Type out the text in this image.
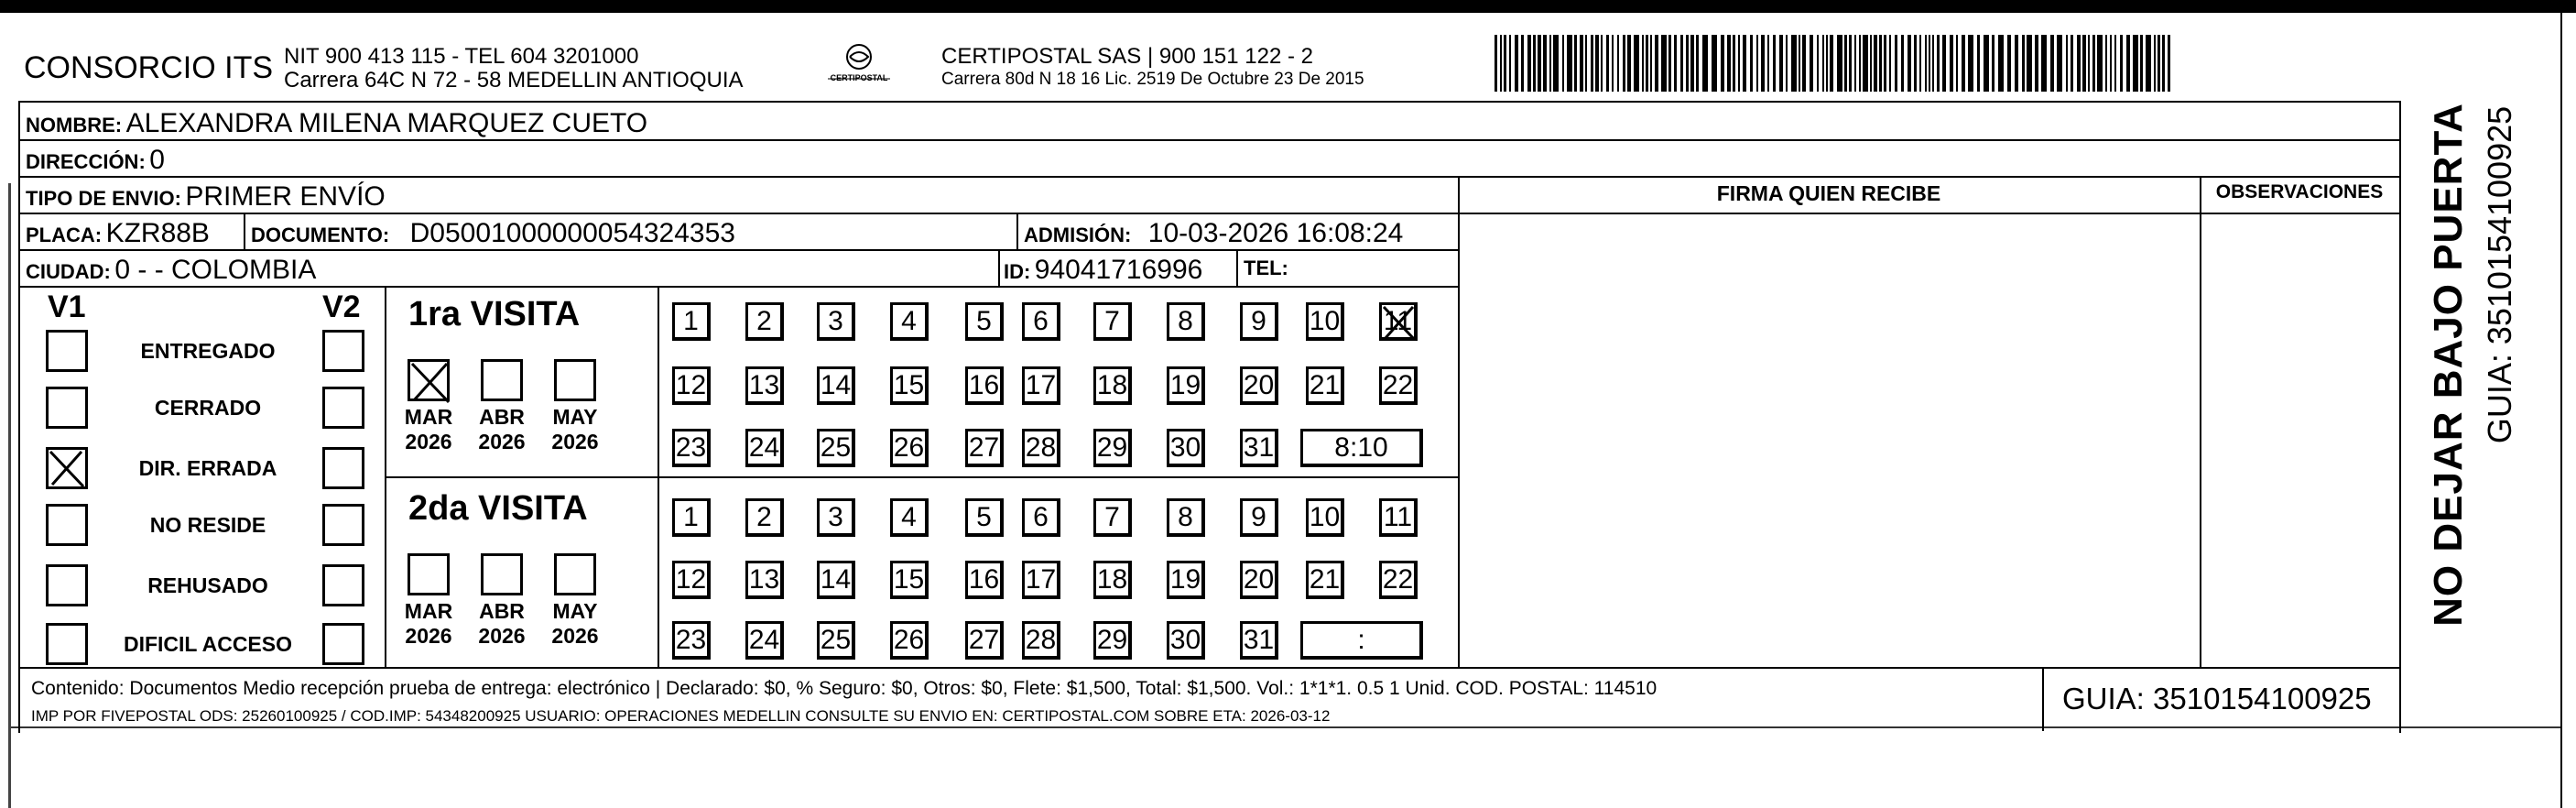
CONSORCIO ITS NIT 900 413 115 - TEL 604 3201000
Carrera 64C N 72 - 58 MEDELLIN ANTIOQUIA	CERTIPOSTAL
CERTIPOSTAL SAS | 900 151 122 - 2
Carrera 80d N 18 16 Lic. 2519 De Octubre 23 De 2015
NOMBRE: ALEXANDRA MILENA MARQUEZ CUETO
DIRECCIÓN: 0
TIPO DE ENVIO: PRIMER ENVÍO
PLACA: KZR88B DOCUMENTO: D05001000000054324353	ADMISIÓN: 10-03-2026 16:08:24
CIUDAD: 0 - - COLOMBIA	ID: 94041716996 TEL:
FIRMA QUIEN RECIBE	OBSERVACIONES
V1	V2
ENTREGADO
CERRADO
DIR. ERRADA
NO RESIDE
REHUSADO
DIFICIL ACCESO
1ra VISITA
2da VISITA
MAR
2026
ABR
2026
MAY
2026
MAR
2026
ABR
2026
MAY
2026
1	2	3	4	5	6	7	8	9	10 11
12 13 14 15 16 17 18 19 20 21 22
23 24 25 26 27 28 29 30 31	8:10
1	2	3	4	5	6	7	8	9	10 11
12 13 14 15 16 17 18 19 20 21 22
23 24 25 26 27 28 29 30 31	:
Contenido: Documentos Medio recepción prueba de entrega: electrónico | Declarado: $0, % Seguro: $0, Otros: $0, Flete: $1,500, Total: $1,500. Vol.: 1*1*1. 0.5 1 Unid. COD. POSTAL: 114510
IMP POR FIVEPOSTAL ODS: 25260100925 / COD.IMP: 54348200925 USUARIO: OPERACIONES MEDELLIN CONSULTE SU ENVIO EN: CERTIPOSTAL.COM SOBRE ETA: 2026-03-12
GUIA: 3510154100925
NO DEJAR BAJO PUERTA GUIA: 3510154100925
